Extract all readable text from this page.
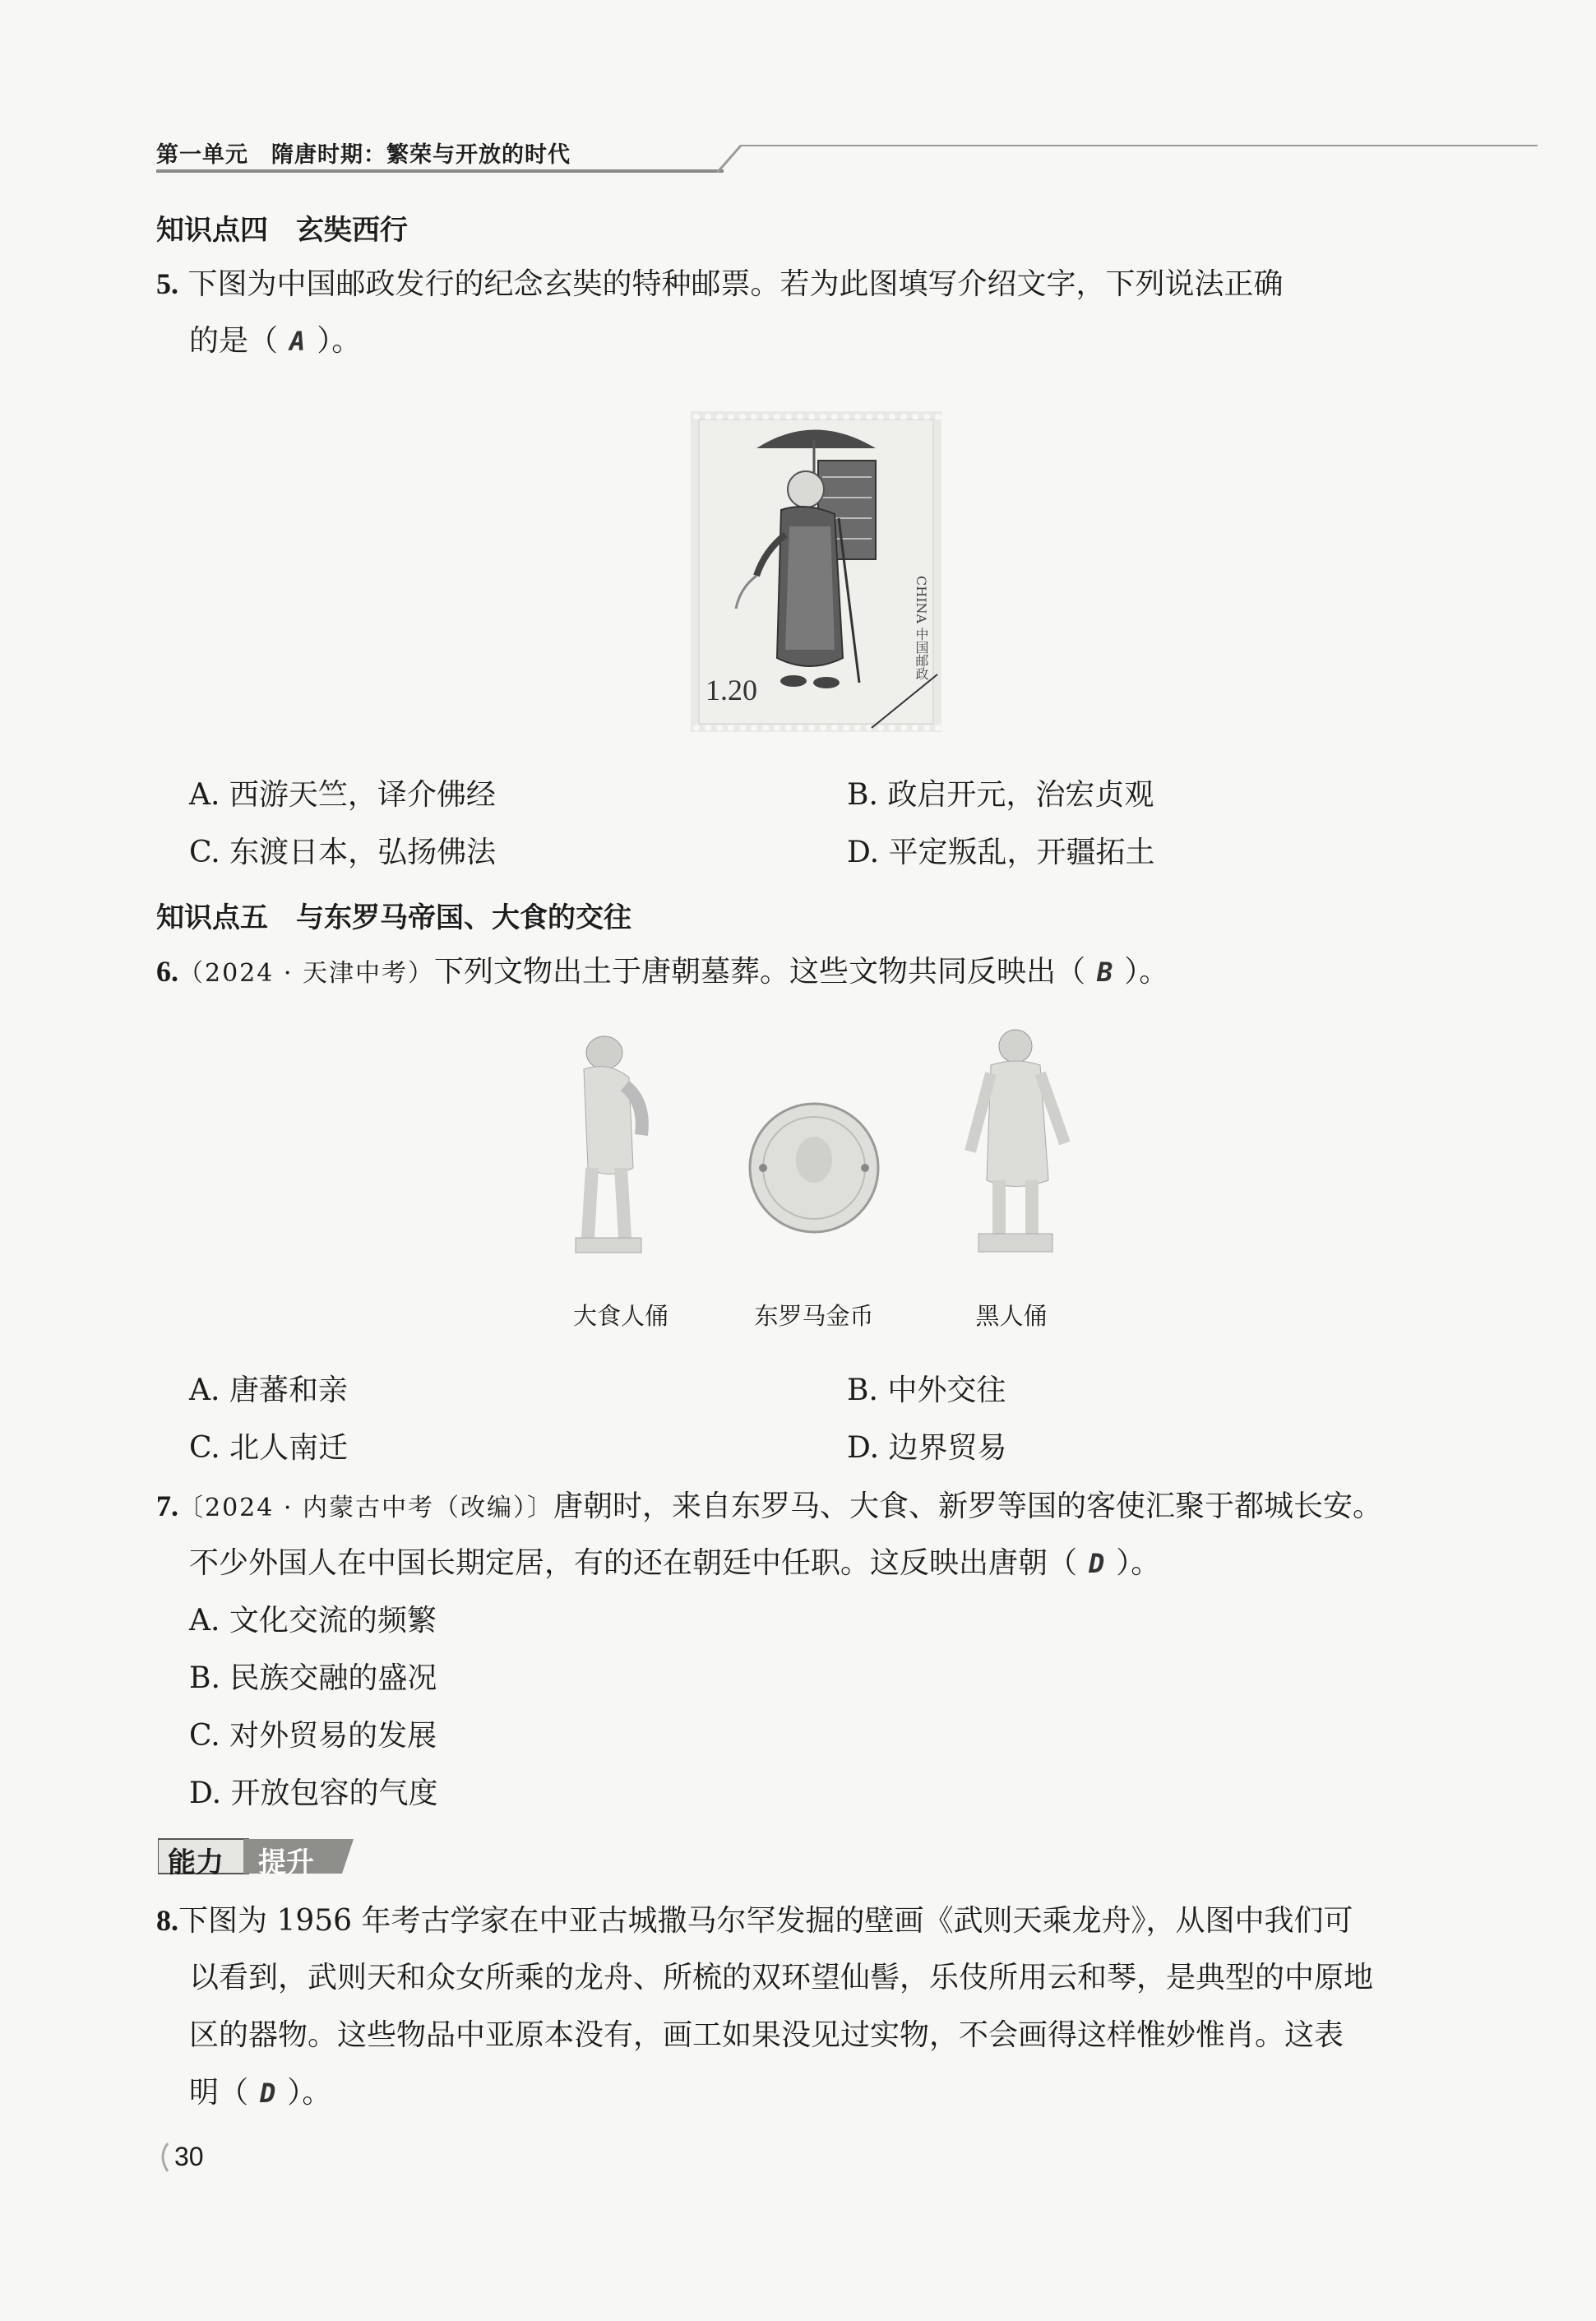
第一单元　隋唐时期：繁荣与开放的时代
知识点四　玄奘西行
5. 下图为中国邮政发行的纪念玄奘的特种邮票。若为此图填写介绍文字，下列说法正确
的是（ A ）。
1.20
CHINA 中国邮政
A. 西游天竺，译介佛经	B. 政启开元，治宏贞观
C. 东渡日本，弘扬佛法	D. 平定叛乱，开疆拓土
知识点五　与东罗马帝国、大食的交往
6.（2024 · 天津中考）下列文物出土于唐朝墓葬。这些文物共同反映出（ B ）。
大食人俑	东罗马金币	黑人俑
A. 唐蕃和亲	B. 中外交往
C. 北人南迁	D. 边界贸易
7.〔2024 · 内蒙古中考（改编）〕唐朝时，来自东罗马、大食、新罗等国的客使汇聚于都城长安。
不少外国人在中国长期定居，有的还在朝廷中任职。这反映出唐朝（ D ）。
A. 文化交流的频繁
B. 民族交融的盛况
C. 对外贸易的发展
D. 开放包容的气度
能力 提升
8.下图为 1956 年考古学家在中亚古城撒马尔罕发掘的壁画《武则天乘龙舟》，从图中我们可
以看到，武则天和众女所乘的龙舟、所梳的双环望仙髻，乐伎所用云和琴，是典型的中原地
区的器物。这些物品中亚原本没有，画工如果没见过实物，不会画得这样惟妙惟肖。这表
明（ D ）。
30
